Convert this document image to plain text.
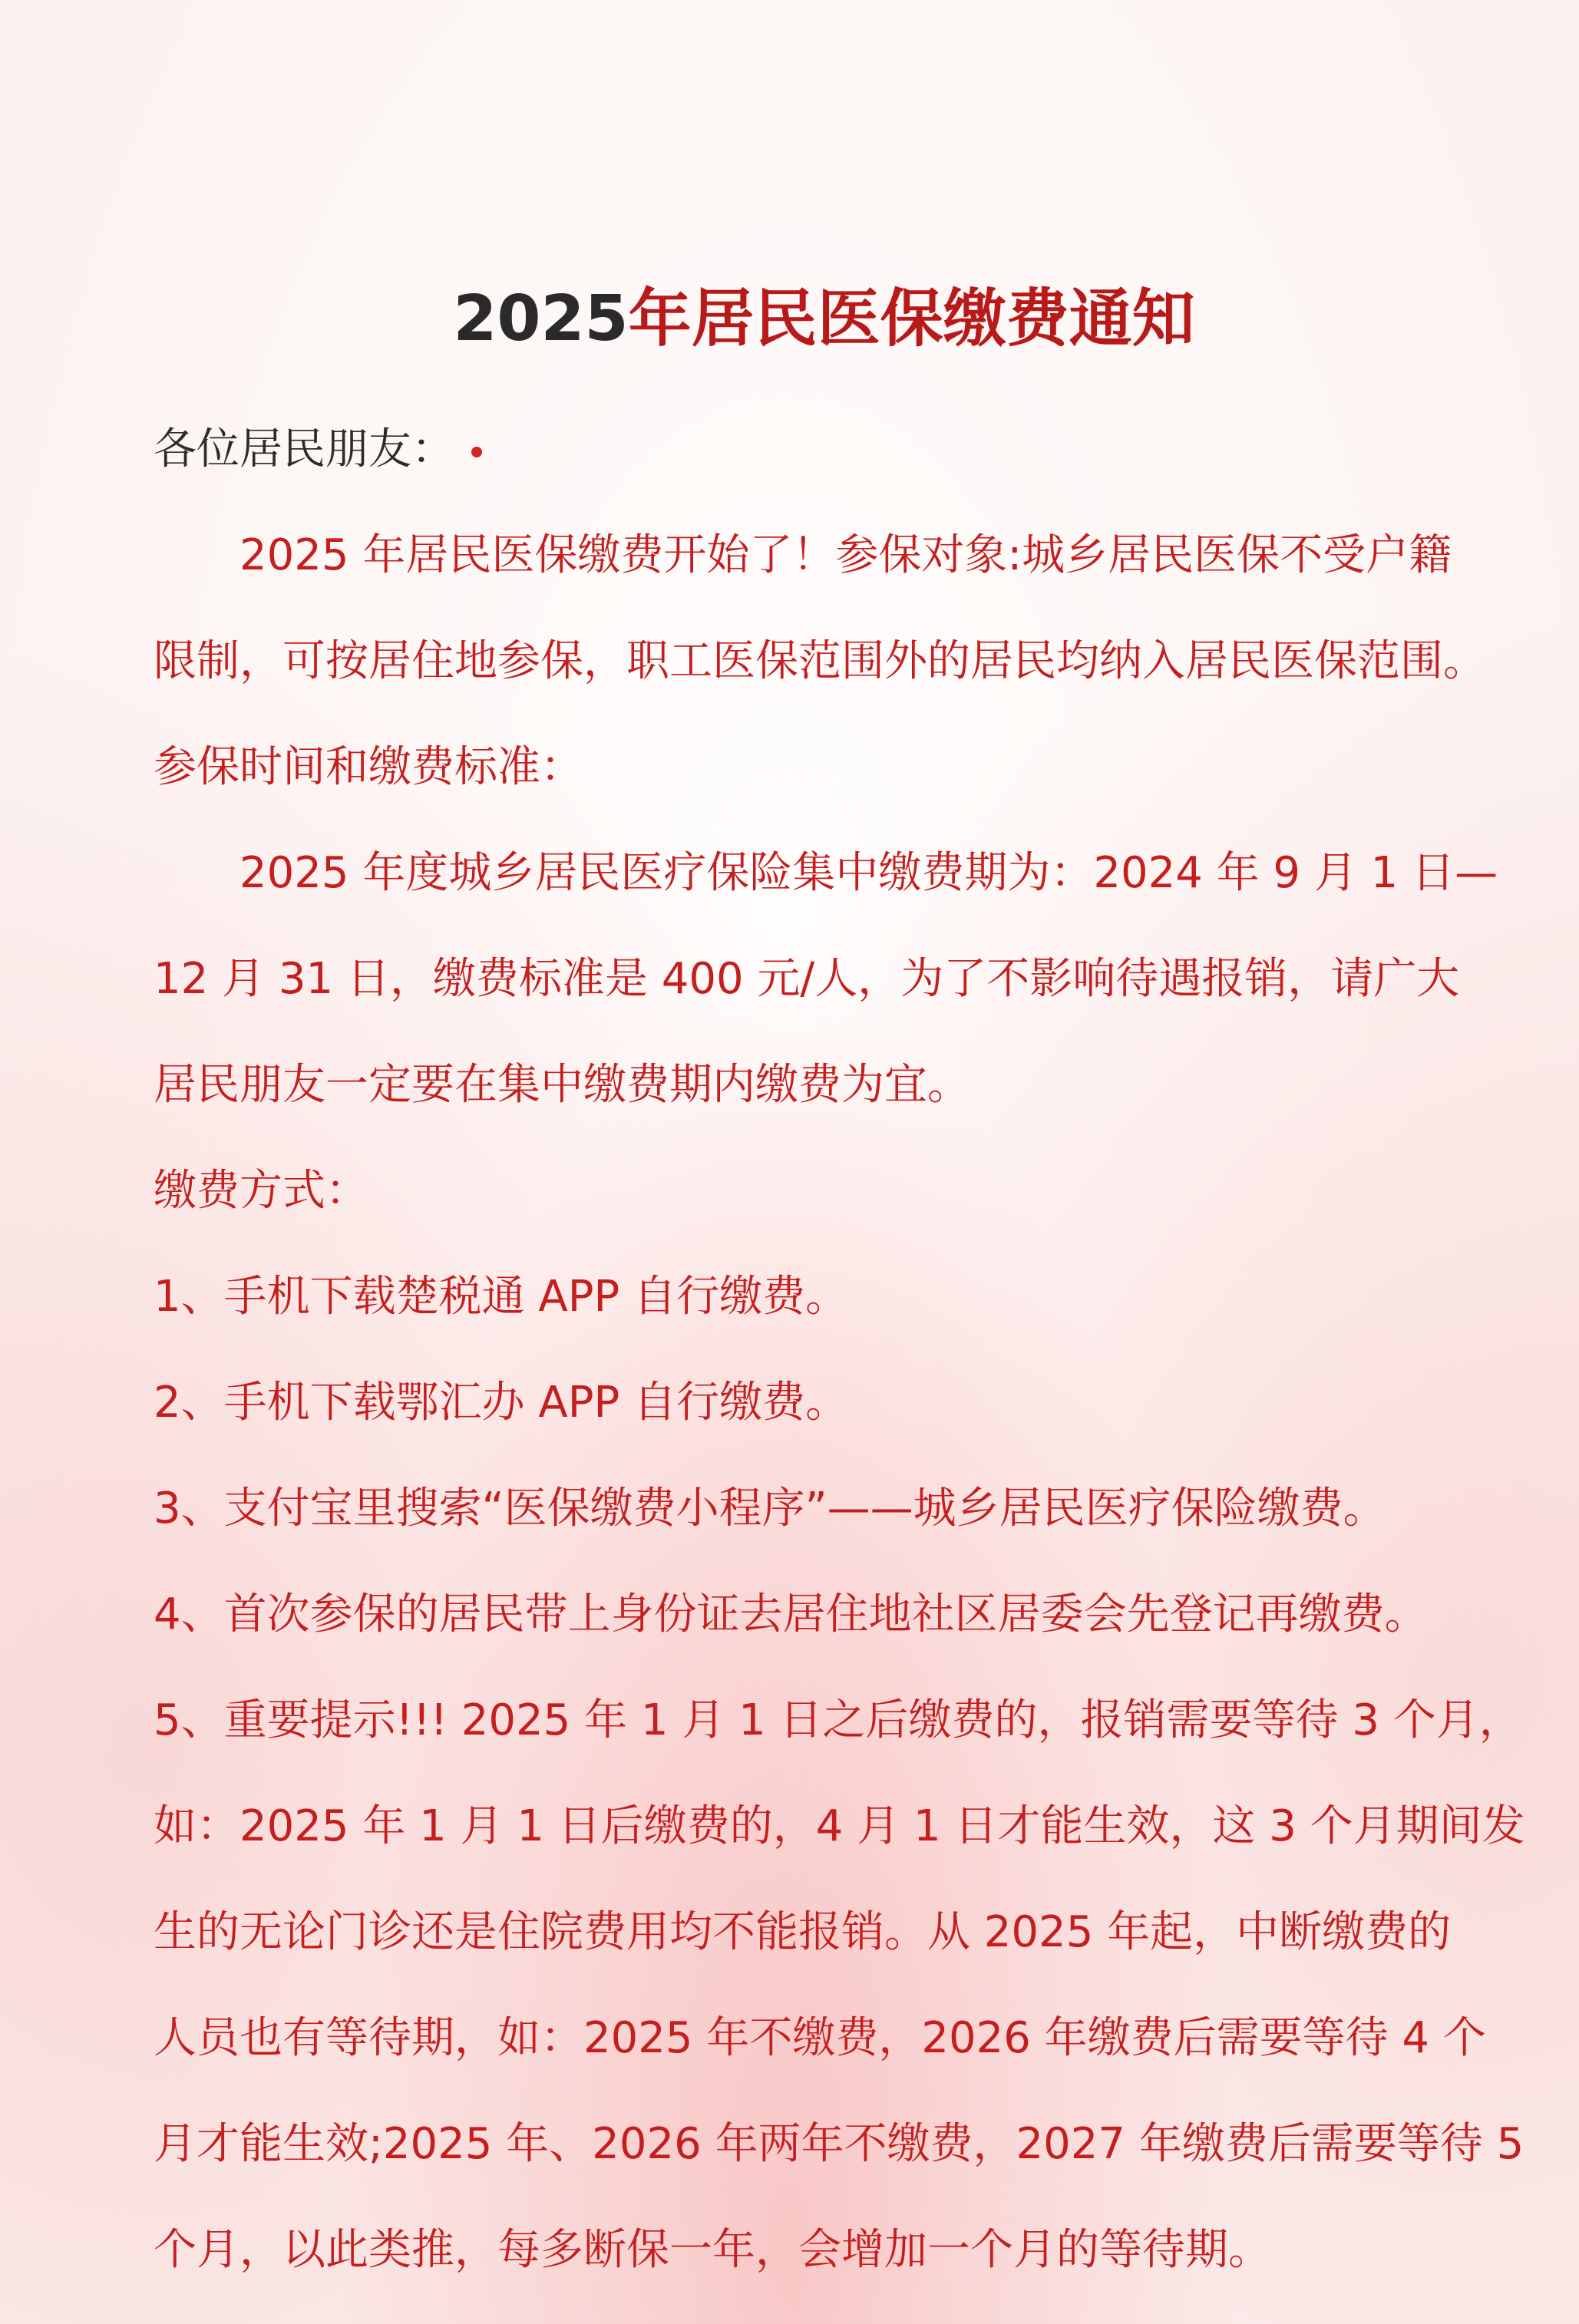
2025年居民医保缴费通知

各位居民朋友：

2025 年居民医保缴费开始了！参保对象:城乡居民医保不受户籍

限制，可按居住地参保，职工医保范围外的居民均纳入居民医保范围。

参保时间和缴费标准：

2025 年度城乡居民医疗保险集中缴费期为：2024 年 9 月 1 日—

12 月 31 日，缴费标准是 400 元/人，为了不影响待遇报销，请广大

居民朋友一定要在集中缴费期内缴费为宜。

缴费方式：

1、手机下载楚税通 APP 自行缴费。

2、手机下载鄂汇办 APP 自行缴费。

3、支付宝里搜索“医保缴费小程序”——城乡居民医疗保险缴费。

4、首次参保的居民带上身份证去居住地社区居委会先登记再缴费。

5、重要提示!!! 2025 年 1 月 1 日之后缴费的，报销需要等待 3 个月，

如：2025 年 1 月 1 日后缴费的，4 月 1 日才能生效，这 3 个月期间发

生的无论门诊还是住院费用均不能报销。从 2025 年起，中断缴费的

人员也有等待期，如：2025 年不缴费，2026 年缴费后需要等待 4 个

月才能生效;2025 年、2026 年两年不缴费，2027 年缴费后需要等待 5

个月，以此类推，每多断保一年，会增加一个月的等待期。
